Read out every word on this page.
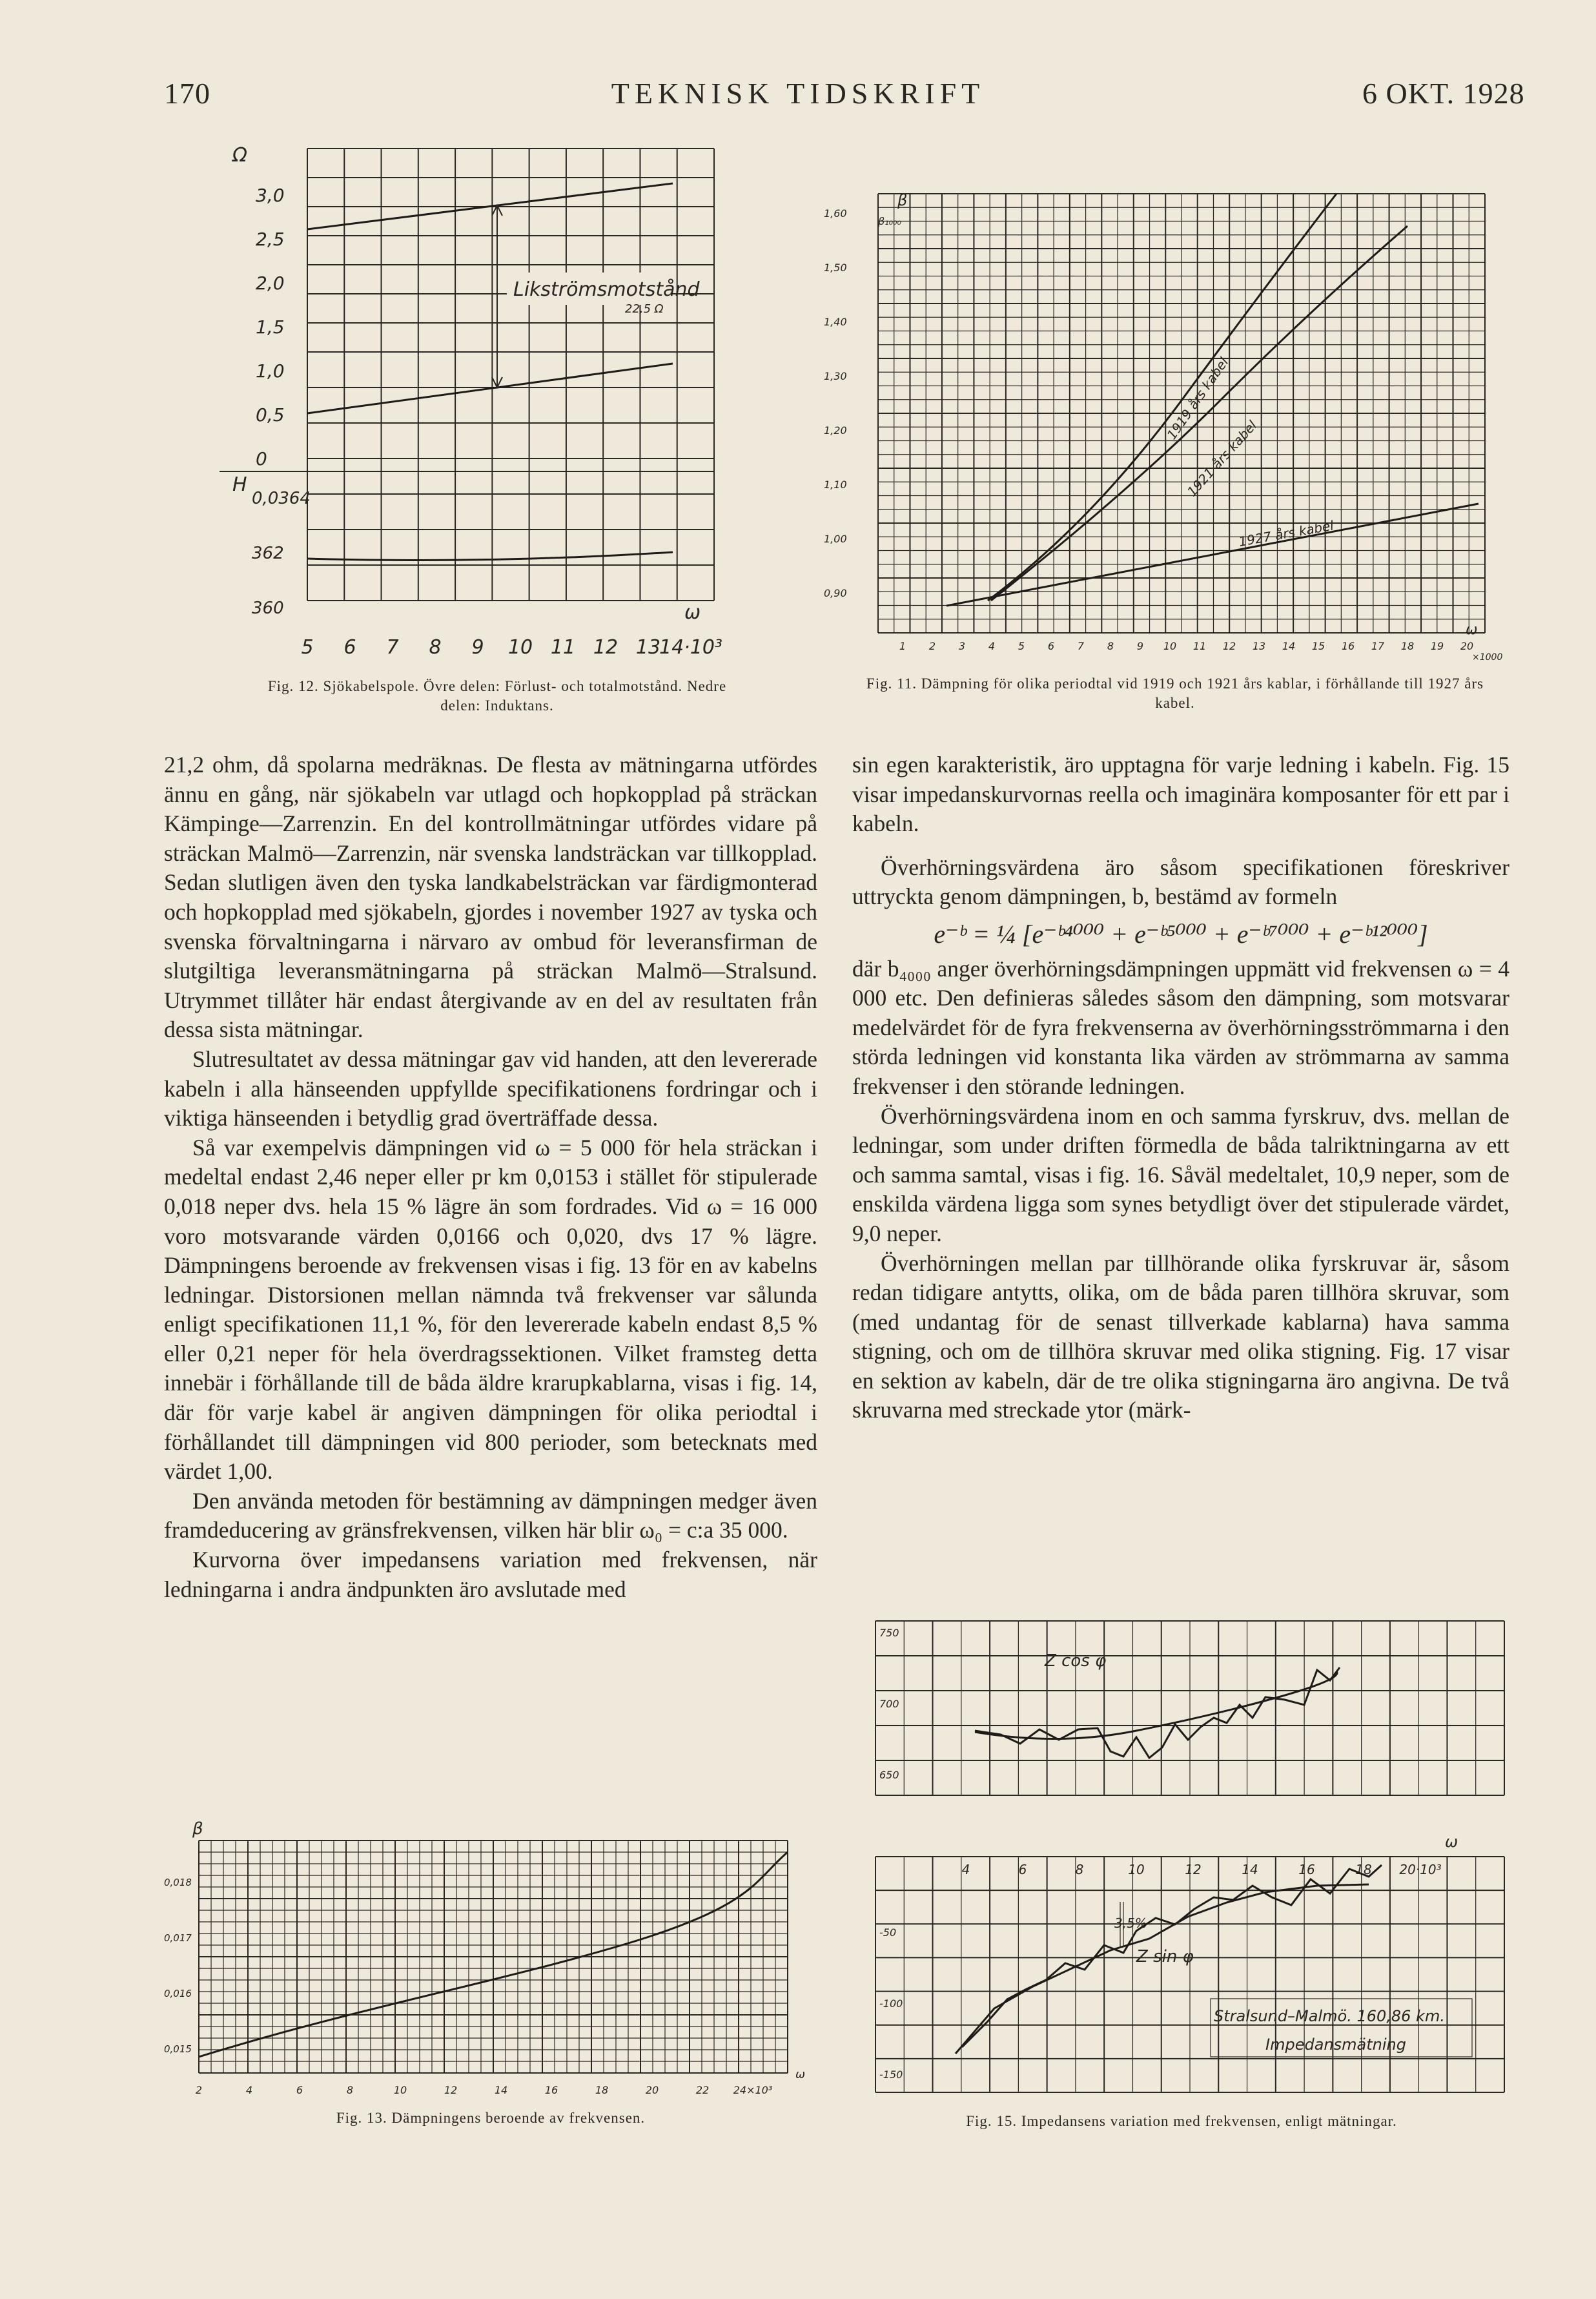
170	TEKNISK TIDSKRIFT	6 OKT. 1928
Ω
H
3,0
2,5
2,0
1,5
1,0
0,5
0
0,0364
362
360
5 6 7 8 9 10 11 12 13
14·10³
ω
Likströmsmotstånd
22,5 Ω
Fig. 12. Sjökabelspole. Övre delen: Förlust- och totalmotstånd. Nedre delen: Induktans.
1,60
1,50
1,40
1,30
1,20
1,10
1,00
0,90
1 2 3 4 5 6 7 8 9 10 11 12 13 14 15 16 17 18 19 20
β
β₁₀₀₀
ω
×1000
1919 års kabel
1921 års kabel
1927 års kabel
Fig. 11. Dämpning för olika periodtal vid 1919 och 1921 års kablar, i förhållande till 1927 års kabel.

21,2 ohm, då spolarna medräknas. De flesta av mätningarna utfördes ännu en gång, när sjökabeln var utlagd och hopkopplad på sträckan Kämpinge—Zarrenzin. En del kontrollmätningar utfördes vidare på sträckan Malmö—Zarrenzin, när svenska landsträckan var tillkopplad. Sedan slutligen även den tyska landkabelsträckan var färdigmonterad och hopkopplad med sjökabeln, gjordes i november 1927 av tyska och svenska förvaltningarna i närvaro av ombud för leveransfirman de slutgiltiga leveransmätningarna på sträckan Malmö—Stralsund. Utrymmet tillåter här endast återgivande av en del av resultaten från dessa sista mätningar.

Slutresultatet av dessa mätningar gav vid handen, att den levererade kabeln i alla hänseenden uppfyllde specifikationens fordringar och i viktiga hänseenden i betydlig grad överträffade dessa.

Så var exempelvis dämpningen vid ω = 5 000 för hela sträckan i medeltal endast 2,46 neper eller pr km 0,0153 i stället för stipulerade 0,018 neper dvs. hela 15 % lägre än som fordrades. Vid ω = 16 000 voro motsvarande värden 0,0166 och 0,020, dvs 17 % lägre. Dämpningens beroende av frekvensen visas i fig. 13 för en av kabelns ledningar. Distorsionen mellan nämnda två frekvenser var sålunda enligt specifikationen 11,1 %, för den levererade kabeln endast 8,5 % eller 0,21 neper för hela överdragssektionen. Vilket framsteg detta innebär i förhållande till de båda äldre krarupkablarna, visas i fig. 14, där för varje kabel är angiven dämpningen för olika periodtal i förhållandet till dämpningen vid 800 perioder, som betecknats med värdet 1,00.

Den använda metoden för bestämning av dämpningen medger även framdeducering av gränsfrekvensen, vilken här blir ω₀ = c:a 35 000.

Kurvorna över impedansens variation med frekvensen, när ledningarna i andra ändpunkten äro avslutade med

sin egen karakteristik, äro upptagna för varje ledning i kabeln. Fig. 15 visar impedanskurvornas reella och imaginära komposanter för ett par i kabeln.

Överhörningsvärdena äro såsom specifikationen föreskriver uttryckta genom dämpningen, b, bestämd av formeln

e⁻ᵇ = ¼ [e⁻ᵇ⁴⁰⁰⁰ + e⁻ᵇ⁵⁰⁰⁰ + e⁻ᵇ⁷⁰⁰⁰ + e⁻ᵇ¹²⁰⁰⁰]

där b₄₀₀₀ anger överhörningsdämpningen uppmätt vid frekvensen ω = 4 000 etc. Den definieras således såsom den dämpning, som motsvarar medelvärdet för de fyra frekvenserna av överhörningsströmmarna i den störda ledningen vid konstanta lika värden av strömmarna av samma frekvenser i den störande ledningen.

Överhörningsvärdena inom en och samma fyrskruv, dvs. mellan de ledningar, som under driften förmedla de båda talriktningarna av ett och samma samtal, visas i fig. 16. Såväl medeltalet, 10,9 neper, som de enskilda värdena ligga som synes betydligt över det stipulerade värdet, 9,0 neper.

Överhörningen mellan par tillhörande olika fyrskruvar är, såsom redan tidigare antytts, olika, om de båda paren tillhöra skruvar, som (med undantag för de senast tillverkade kablarna) hava samma stigning, och om de tillhöra skruvar med olika stigning. Fig. 17 visar en sektion av kabeln, där de tre olika stigningarna äro angivna. De två skruvarna med streckade ytor (märk-

0,018
0,017
0,016
0,015
2	4	6	8	10	12	14	16	18	20	22 24×10³
β
ω
Fig. 13. Dämpningens beroende av frekvensen.
750
700
650
-50
-100
-150
4	6	8	10	12	14	16	18 20·10³
ω
Z cos φ
Z sin φ
3,5%
Stralsund–Malmö. 160,86 km.
Impedansmätning
Fig. 15. Impedansens variation med frekvensen, enligt mätningar.
